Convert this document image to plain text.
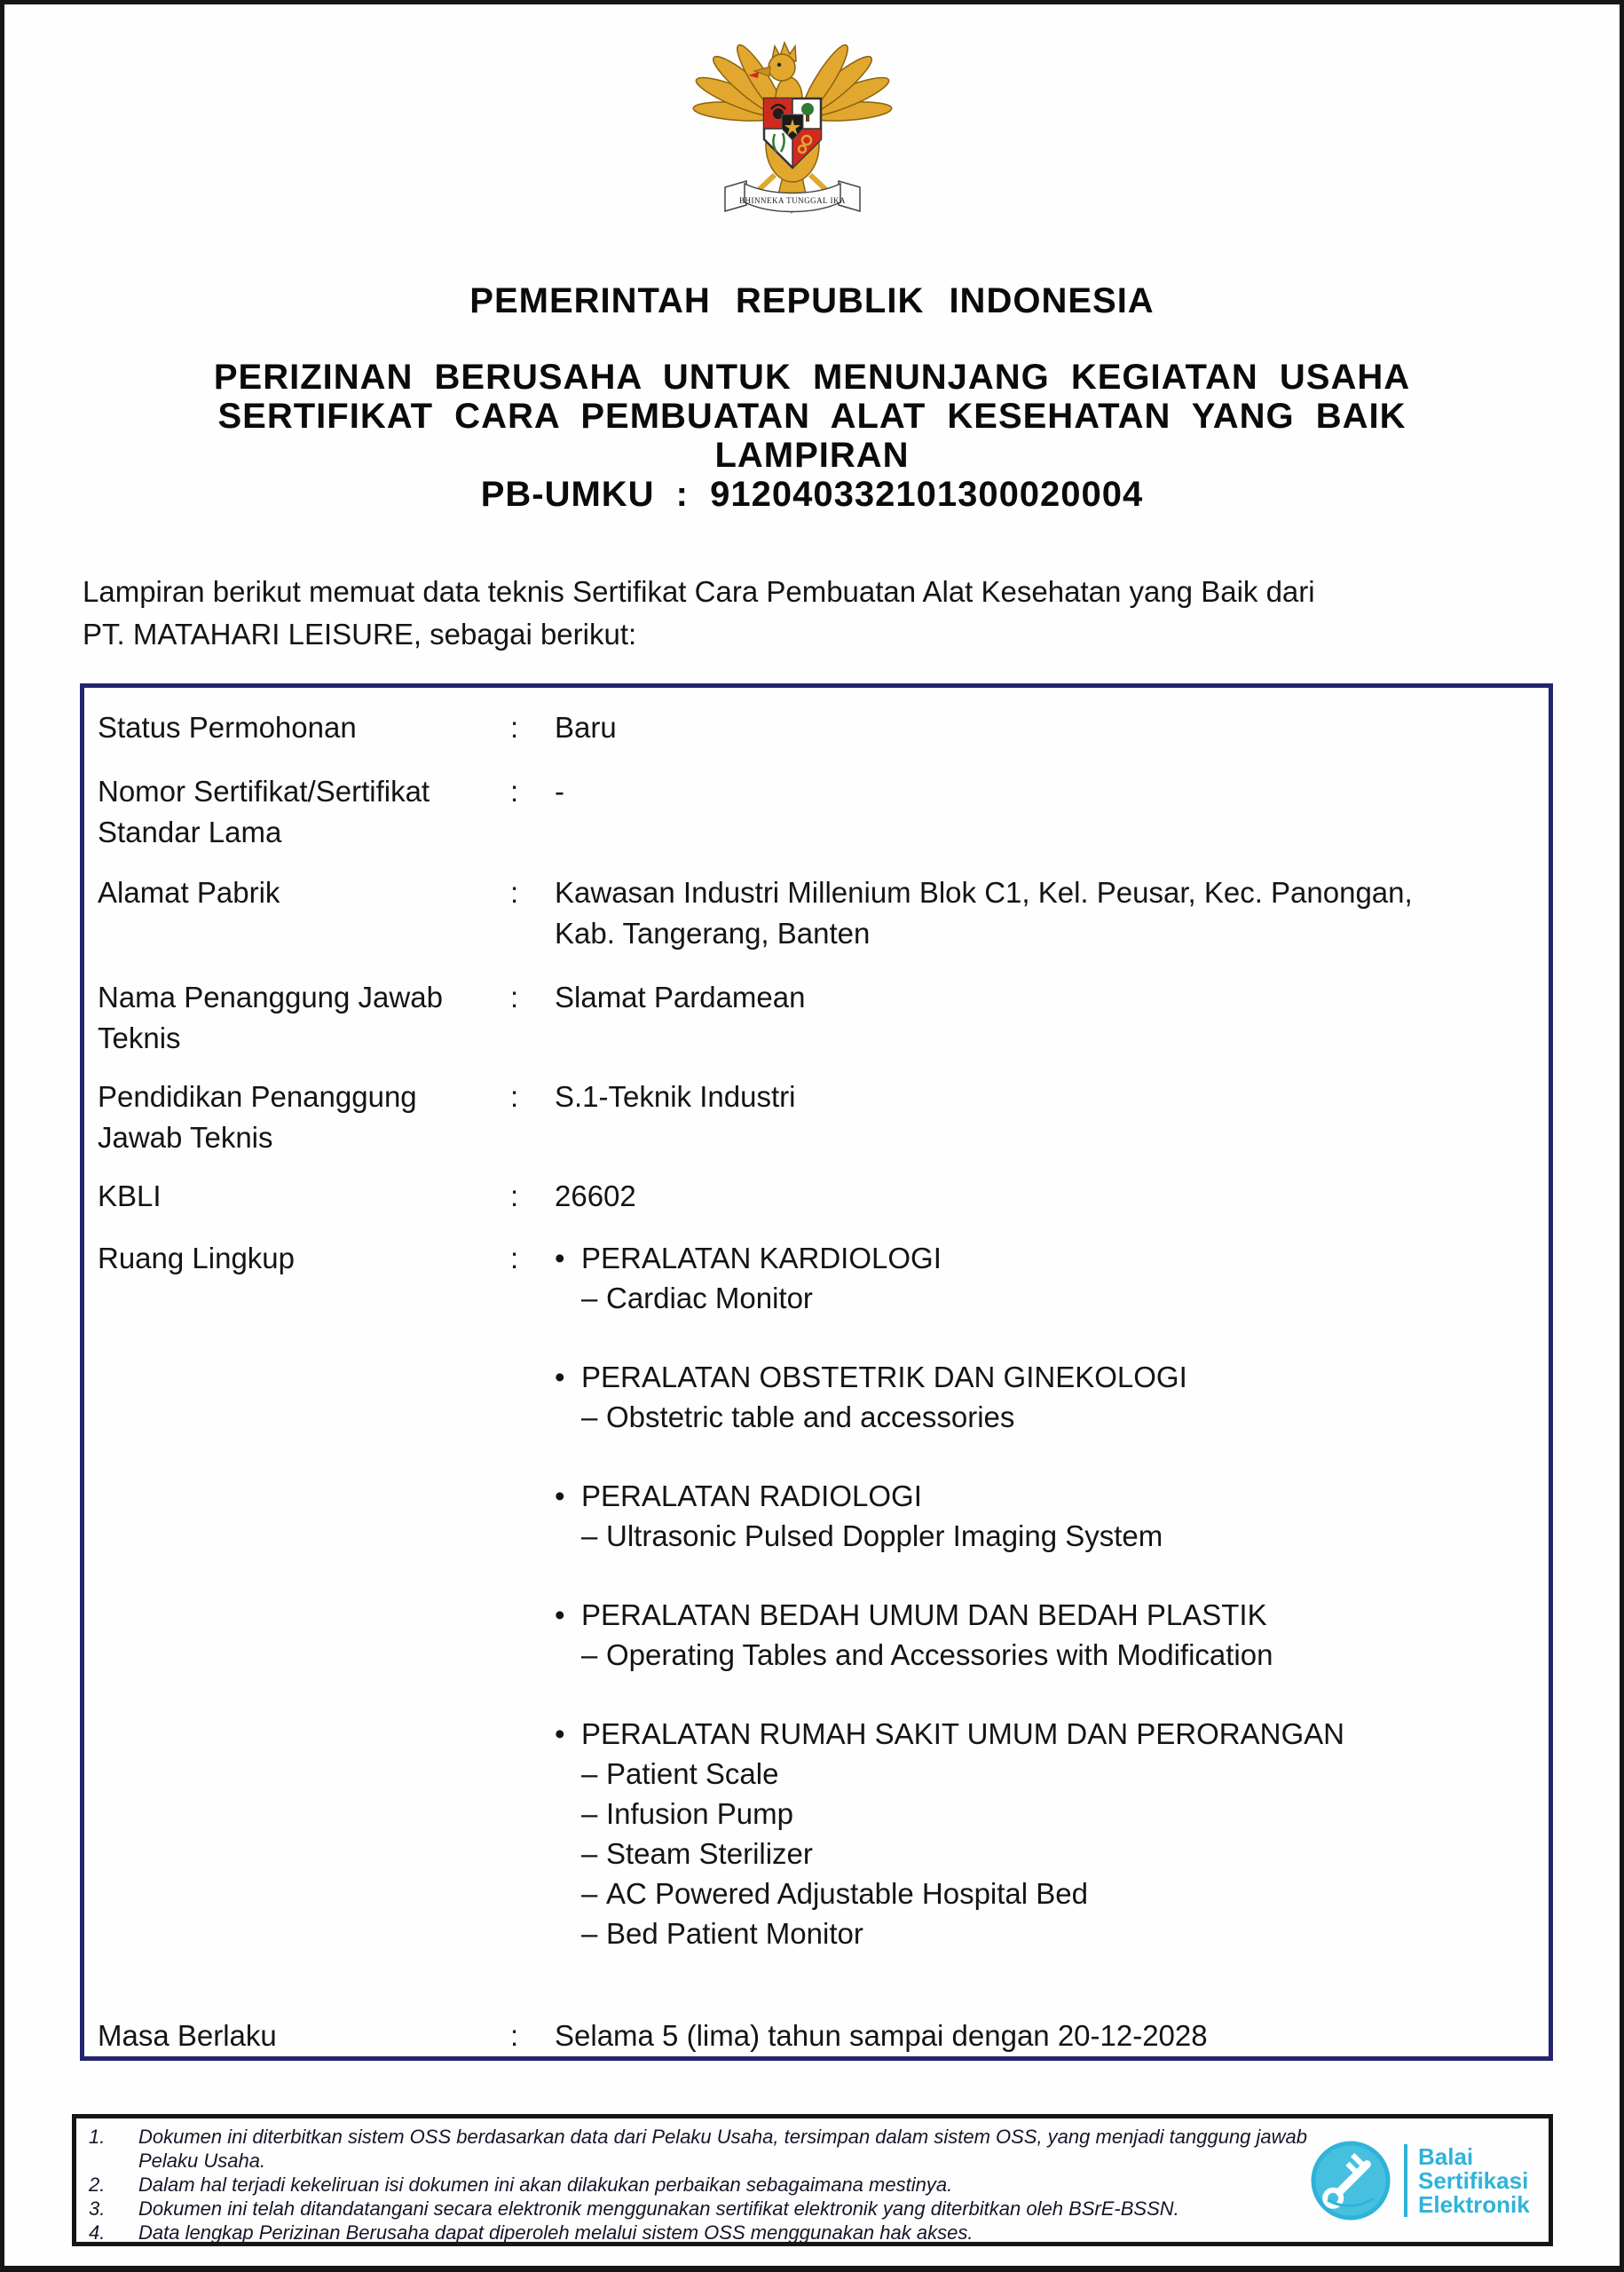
BHINNEKA TUNGGAL IKA
PEMERINTAH REPUBLIK INDONESIA
PERIZINAN BERUSAHA UNTUK MENUNJANG KEGIATAN USAHA
SERTIFIKAT CARA PEMBUATAN ALAT KESEHATAN YANG BAIK
LAMPIRAN
PB-UMKU : 912040332101300020004
Lampiran berikut memuat data teknis Sertifikat Cara Pembuatan Alat Kesehatan yang Baik dari
PT. MATAHARI LEISURE, sebagai berikut:
Status Permohonan	:	Baru
Nomor Sertifikat/Sertifikat
Standar Lama
:	-
Alamat Pabrik	:	Kawasan Industri Millenium Blok C1, Kel. Peusar, Kec. Panongan,
Kab. Tangerang, Banten
Nama Penanggung Jawab
Teknis
:	Slamat Pardamean
Pendidikan Penanggung
Jawab Teknis
:	S.1-Teknik Industri
KBLI	:	26602
Ruang Lingkup	:	• PERALATAN KARDIOLOGI
– Cardiac Monitor
• PERALATAN OBSTETRIK DAN GINEKOLOGI
– Obstetric table and accessories
• PERALATAN RADIOLOGI
– Ultrasonic Pulsed Doppler Imaging System
• PERALATAN BEDAH UMUM DAN BEDAH PLASTIK
– Operating Tables and Accessories with Modification
• PERALATAN RUMAH SAKIT UMUM DAN PERORANGAN
– Patient Scale
– Infusion Pump
– Steam Sterilizer
– AC Powered Adjustable Hospital Bed
– Bed Patient Monitor
Masa Berlaku	:	Selama 5 (lima) tahun sampai dengan 20-12-2028
1.	Dokumen ini diterbitkan sistem OSS berdasarkan data dari Pelaku Usaha, tersimpan dalam sistem OSS, yang menjadi tanggung jawab
Pelaku Usaha.
2.	Dalam hal terjadi kekeliruan isi dokumen ini akan dilakukan perbaikan sebagaimana mestinya.
3.	Dokumen ini telah ditandatangani secara elektronik menggunakan sertifikat elektronik yang diterbitkan oleh BSrE-BSSN.
4.	Data lengkap Perizinan Berusaha dapat diperoleh melalui sistem OSS menggunakan hak akses.
Balai
Sertifikasi
Elektronik
